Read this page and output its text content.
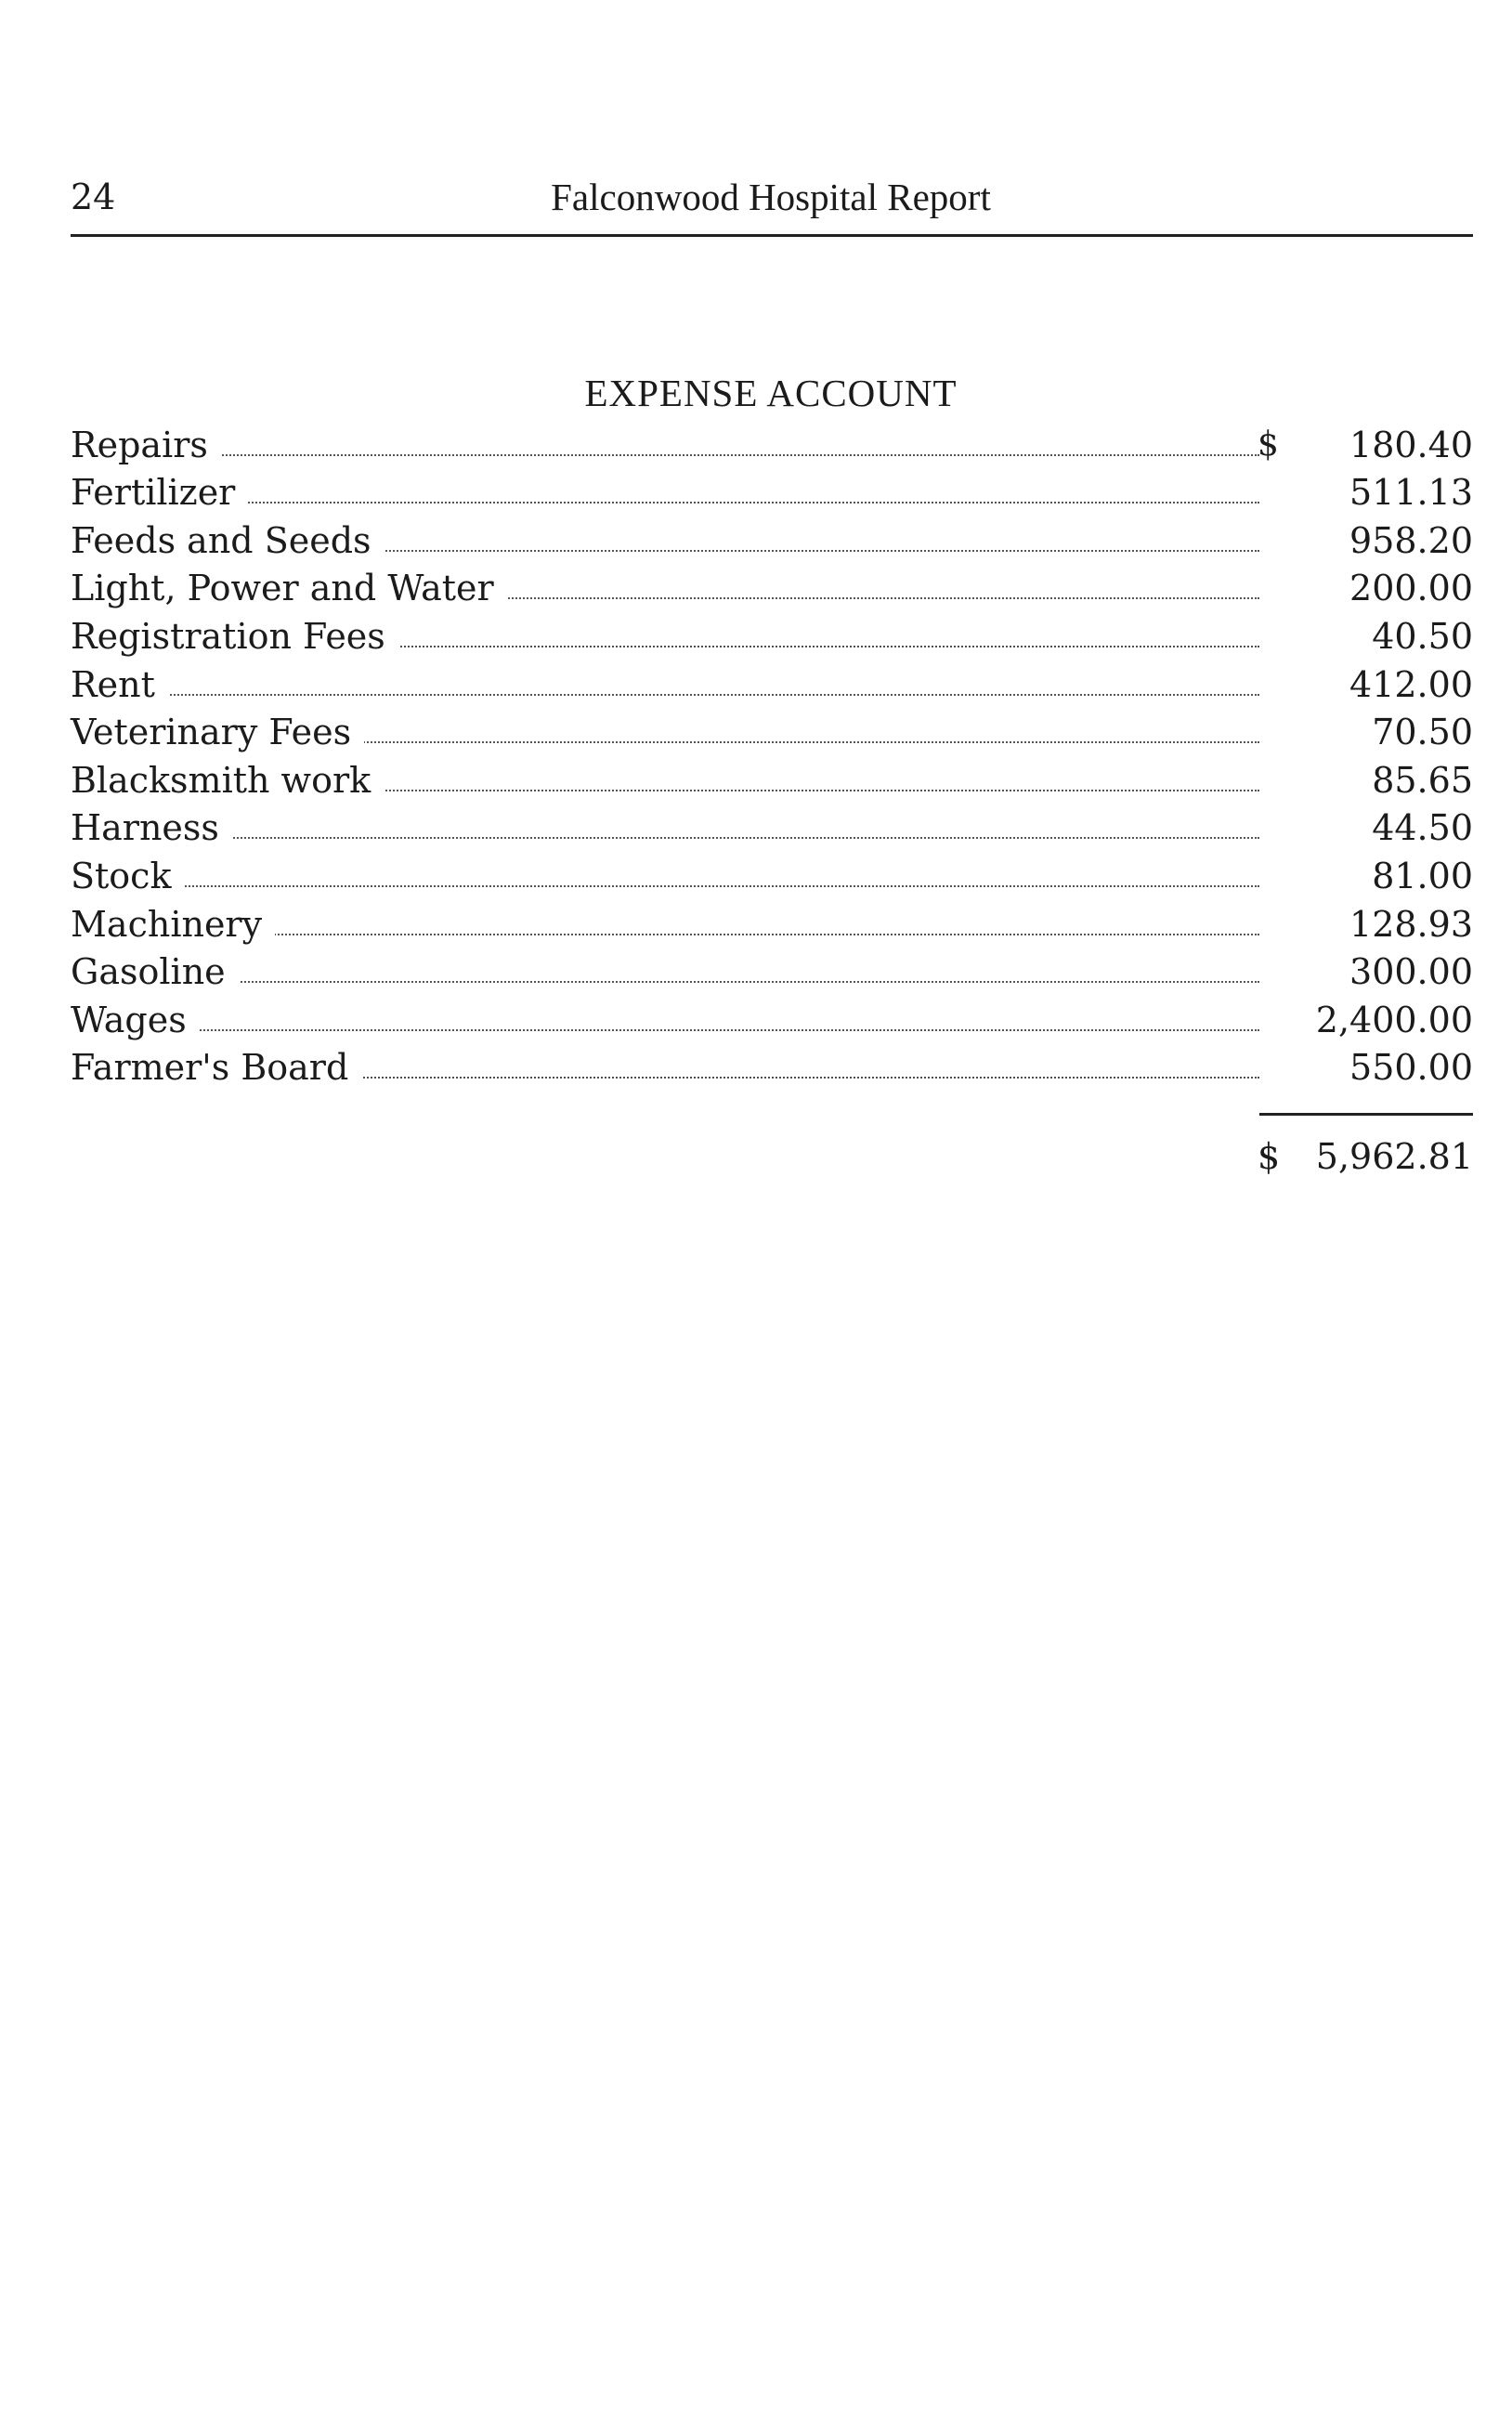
24	Falconwood Hospital Report
EXPENSE ACCOUNT
Repairs	$ 180.40
Fertilizer	511.13
Feeds and Seeds	958.20
Light, Power and Water	200.00
Registration Fees	40.50
Rent	412.00
Veterinary Fees	70.50
Blacksmith work	85.65
Harness	44.50
Stock	81.00
Machinery	128.93
Gasoline	300.00
Wages	2,400.00
Farmer's Board	550.00
$ 5,962.81
